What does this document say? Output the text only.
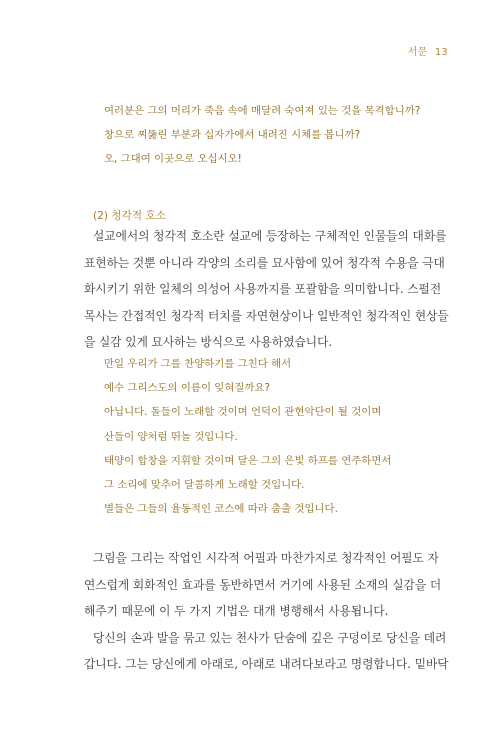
서문 13
여러분은 그의 머리가 죽음 속에 매달려 숙여져 있는 것을 목격합니까?
창으로 찌뚫린 부분과 십자가에서 내려진 시체를 봅니까?
오, 그대여 이곳으로 오십시오!
(2) 청각적 호소
설교에서의 청각적 호소란 설교에 등장하는 구체적인 인물들의 대화를
표현하는 것뿐 아니라 각양의 소리를 묘사함에 있어 청각적 수용을 극대
화시키기 위한 일체의 의성어 사용까지를 포괄함을 의미합니다. 스펄전
목사는 간접적인 청각적 터치를 자연현상이나 일반적인 청각적인 현상들
을 실감 있게 묘사하는 방식으로 사용하였습니다.
만일 우리가 그를 찬양하기를 그친다 해서
예수 그리스도의 이름이 잊혀질까요?
아닙니다. 돌들이 노래할 것이며 언덕이 관현악단이 될 것이며
산들이 양처럼 뛰놀 것입니다.
태양이 합창을 지휘할 것이며 달은 그의 은빛 하프를 연주하면서
그 소리에 맞추어 달콤하게 노래할 것입니다.
별들은 그들의 율동적인 코스에 따라 춤출 것입니다.
그림을 그리는 작업인 시각적 어필과 마찬가지로 청각적인 어필도 자
연스럽게 회화적인 효과를 동반하면서 거기에 사용된 소재의 실감을 더
해주기 때문에 이 두 가지 기법은 대개 병행해서 사용됩니다.
당신의 손과 발을 묶고 있는 천사가 단숨에 깊은 구덩이로 당신을 데려
갑니다. 그는 당신에게 아래로, 아래로 내려다보라고 명령합니다. 밑바닥
